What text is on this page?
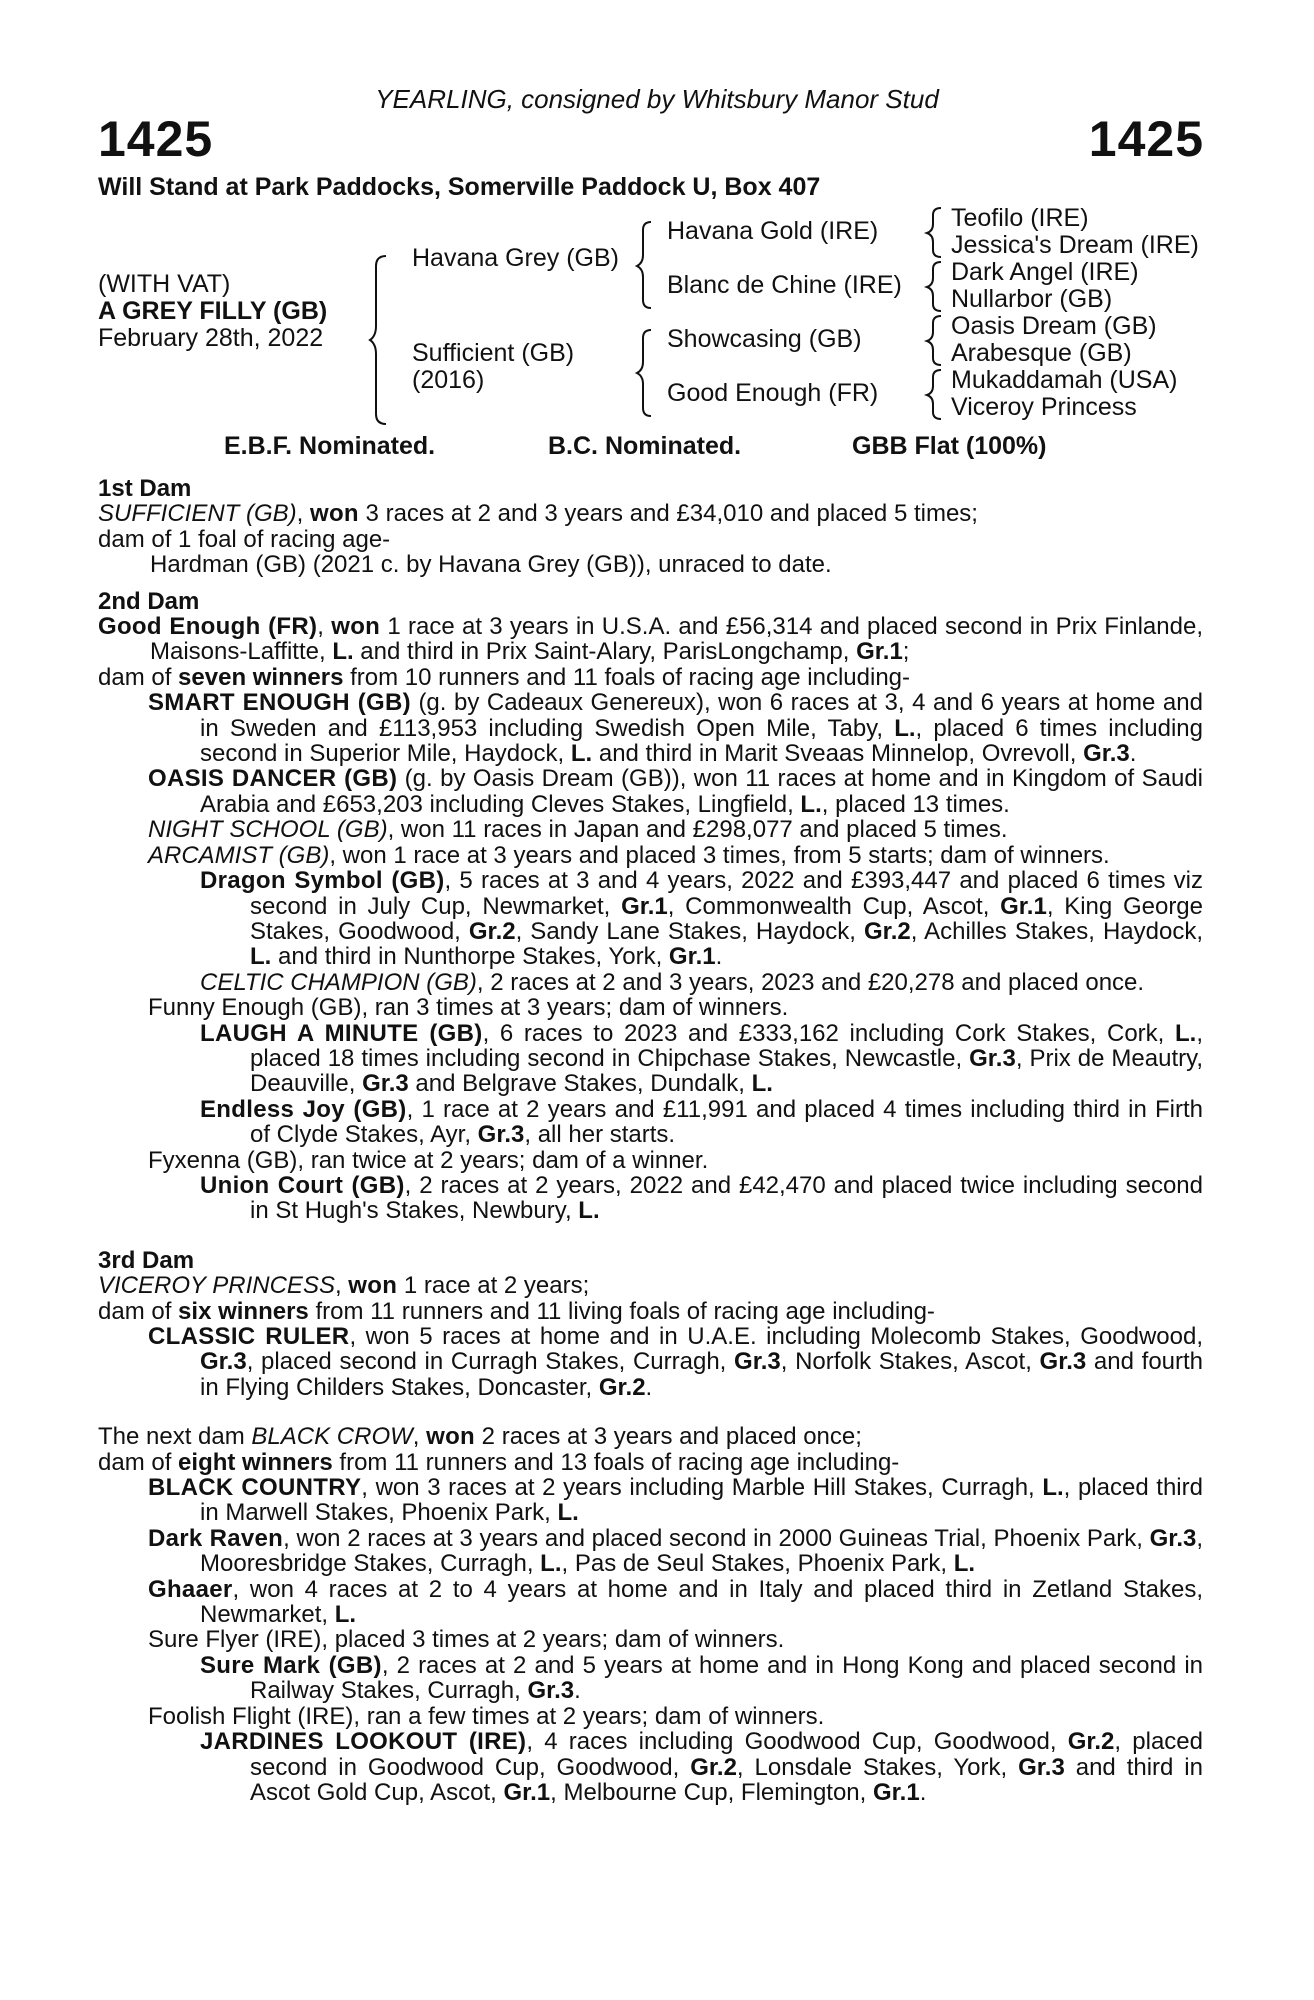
YEARLING, consigned by Whitsbury Manor Stud
1425	1425
Will Stand at Park Paddocks, Somerville Paddock U, Box 407
(WITH VAT)
A GREY FILLY (GB)
February 28th, 2022
Havana Grey (GB)
Sufficient (GB)
(2016)
Havana Gold (IRE)
Blanc de Chine (IRE)
Showcasing (GB)
Good Enough (FR)
Teofilo (IRE)
Jessica's Dream (IRE)
Dark Angel (IRE)
Nullarbor (GB)
Oasis Dream (GB)
Arabesque (GB)
Mukaddamah (USA)
Viceroy Princess
E.B.F. Nominated.	B.C. Nominated.	GBB Flat (100%)
1st Dam
SUFFICIENT (GB), won 3 races at 2 and 3 years and £34,010 and placed 5 times;
dam of 1 foal of racing age-
Hardman (GB) (2021 c. by Havana Grey (GB)), unraced to date.
2nd Dam
Good Enough (FR), won 1 race at 3 years in U.S.A. and £56,314 and placed second in Prix Finlande, Maisons-Laffitte, L. and third in Prix Saint-Alary, ParisLongchamp, Gr.1;
dam of seven winners from 10 runners and 11 foals of racing age including-
SMART ENOUGH (GB) (g. by Cadeaux Genereux), won 6 races at 3, 4 and 6 years at home and in Sweden and £113,953 including Swedish Open Mile, Taby, L., placed 6 times including second in Superior Mile, Haydock, L. and third in Marit Sveaas Minnelop, Ovrevoll, Gr.3.
OASIS DANCER (GB) (g. by Oasis Dream (GB)), won 11 races at home and in Kingdom of Saudi Arabia and £653,203 including Cleves Stakes, Lingfield, L., placed 13 times.
NIGHT SCHOOL (GB), won 11 races in Japan and £298,077 and placed 5 times.
ARCAMIST (GB), won 1 race at 3 years and placed 3 times, from 5 starts; dam of winners.
Dragon Symbol (GB), 5 races at 3 and 4 years, 2022 and £393,447 and placed 6 times viz second in July Cup, Newmarket, Gr.1, Commonwealth Cup, Ascot, Gr.1, King George Stakes, Goodwood, Gr.2, Sandy Lane Stakes, Haydock, Gr.2, Achilles Stakes, Haydock, L. and third in Nunthorpe Stakes, York, Gr.1.
CELTIC CHAMPION (GB), 2 races at 2 and 3 years, 2023 and £20,278 and placed once.
Funny Enough (GB), ran 3 times at 3 years; dam of winners.
LAUGH A MINUTE (GB), 6 races to 2023 and £333,162 including Cork Stakes, Cork, L., placed 18 times including second in Chipchase Stakes, Newcastle, Gr.3, Prix de Meautry, Deauville, Gr.3 and Belgrave Stakes, Dundalk, L.
Endless Joy (GB), 1 race at 2 years and £11,991 and placed 4 times including third in Firth of Clyde Stakes, Ayr, Gr.3, all her starts.
Fyxenna (GB), ran twice at 2 years; dam of a winner.
Union Court (GB), 2 races at 2 years, 2022 and £42,470 and placed twice including second in St Hugh's Stakes, Newbury, L.
3rd Dam
VICEROY PRINCESS, won 1 race at 2 years;
dam of six winners from 11 runners and 11 living foals of racing age including-
CLASSIC RULER, won 5 races at home and in U.A.E. including Molecomb Stakes, Goodwood, Gr.3, placed second in Curragh Stakes, Curragh, Gr.3, Norfolk Stakes, Ascot, Gr.3 and fourth in Flying Childers Stakes, Doncaster, Gr.2.
The next dam BLACK CROW, won 2 races at 3 years and placed once;
dam of eight winners from 11 runners and 13 foals of racing age including-
BLACK COUNTRY, won 3 races at 2 years including Marble Hill Stakes, Curragh, L., placed third in Marwell Stakes, Phoenix Park, L.
Dark Raven, won 2 races at 3 years and placed second in 2000 Guineas Trial, Phoenix Park, Gr.3, Mooresbridge Stakes, Curragh, L., Pas de Seul Stakes, Phoenix Park, L.
Ghaaer, won 4 races at 2 to 4 years at home and in Italy and placed third in Zetland Stakes, Newmarket, L.
Sure Flyer (IRE), placed 3 times at 2 years; dam of winners.
Sure Mark (GB), 2 races at 2 and 5 years at home and in Hong Kong and placed second in Railway Stakes, Curragh, Gr.3.
Foolish Flight (IRE), ran a few times at 2 years; dam of winners.
JARDINES LOOKOUT (IRE), 4 races including Goodwood Cup, Goodwood, Gr.2, placed second in Goodwood Cup, Goodwood, Gr.2, Lonsdale Stakes, York, Gr.3 and third in Ascot Gold Cup, Ascot, Gr.1, Melbourne Cup, Flemington, Gr.1.
